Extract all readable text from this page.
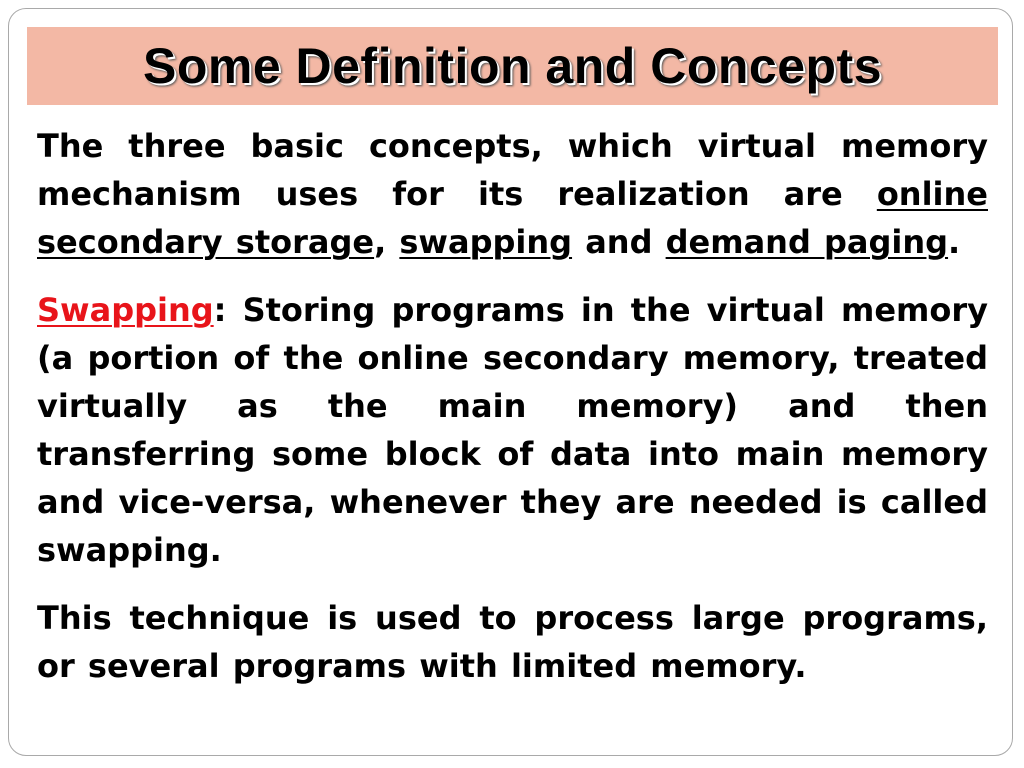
Some Definition and Concepts

The three basic concepts, which virtual memory mechanism uses for its realization are online secondary storage, swapping and demand paging.

Swapping: Storing programs in the virtual memory (a portion of the online secondary memory, treated virtually as the main memory) and then transferring some block of data into main memory and vice-versa, whenever they are needed is called swapping.

This technique is used to process large programs, or several programs with limited memory.
